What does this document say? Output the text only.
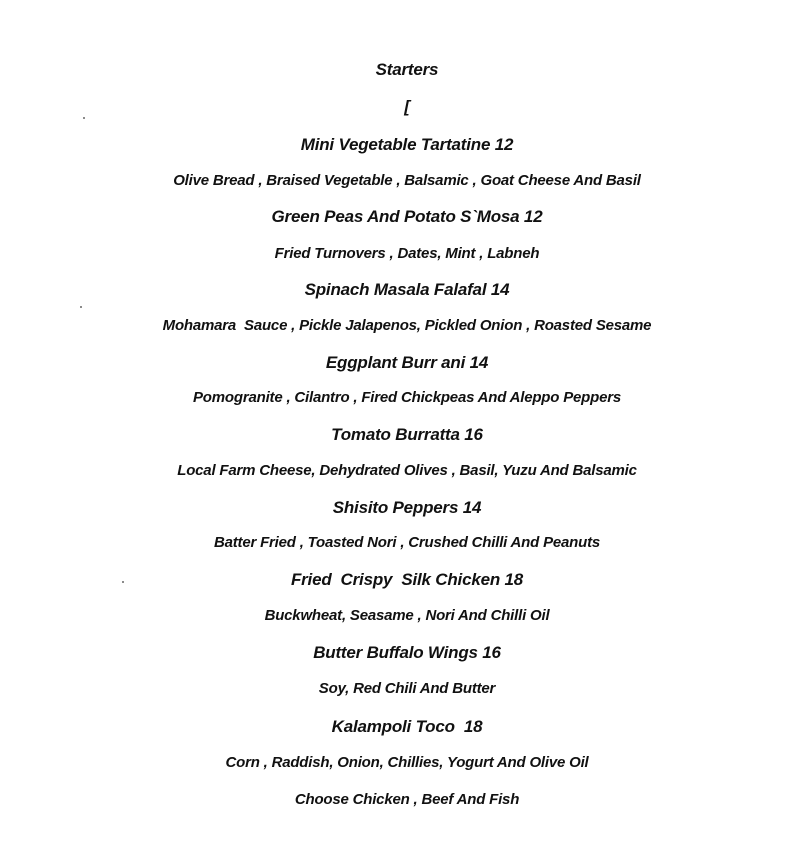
Starters
[
Mini Vegetable Tartatine 12
Olive Bread , Braised Vegetable , Balsamic , Goat Cheese And Basil
Green Peas And Potato S`Mosa 12
Fried Turnovers , Dates, Mint , Labneh
Spinach Masala Falafal 14
Mohamara  Sauce , Pickle Jalapenos, Pickled Onion , Roasted Sesame
Eggplant Burr ani 14
Pomogranite , Cilantro , Fired Chickpeas And Aleppo Peppers
Tomato Burratta 16
Local Farm Cheese, Dehydrated Olives , Basil, Yuzu And Balsamic
Shisito Peppers 14
Batter Fried , Toasted Nori , Crushed Chilli And Peanuts
Fried  Crispy  Silk Chicken 18
Buckwheat, Seasame , Nori And Chilli Oil
Butter Buffalo Wings 16
Soy, Red Chili And Butter
Kalampoli Toco  18
Corn , Raddish, Onion, Chillies, Yogurt And Olive Oil
Choose Chicken , Beef And Fish
